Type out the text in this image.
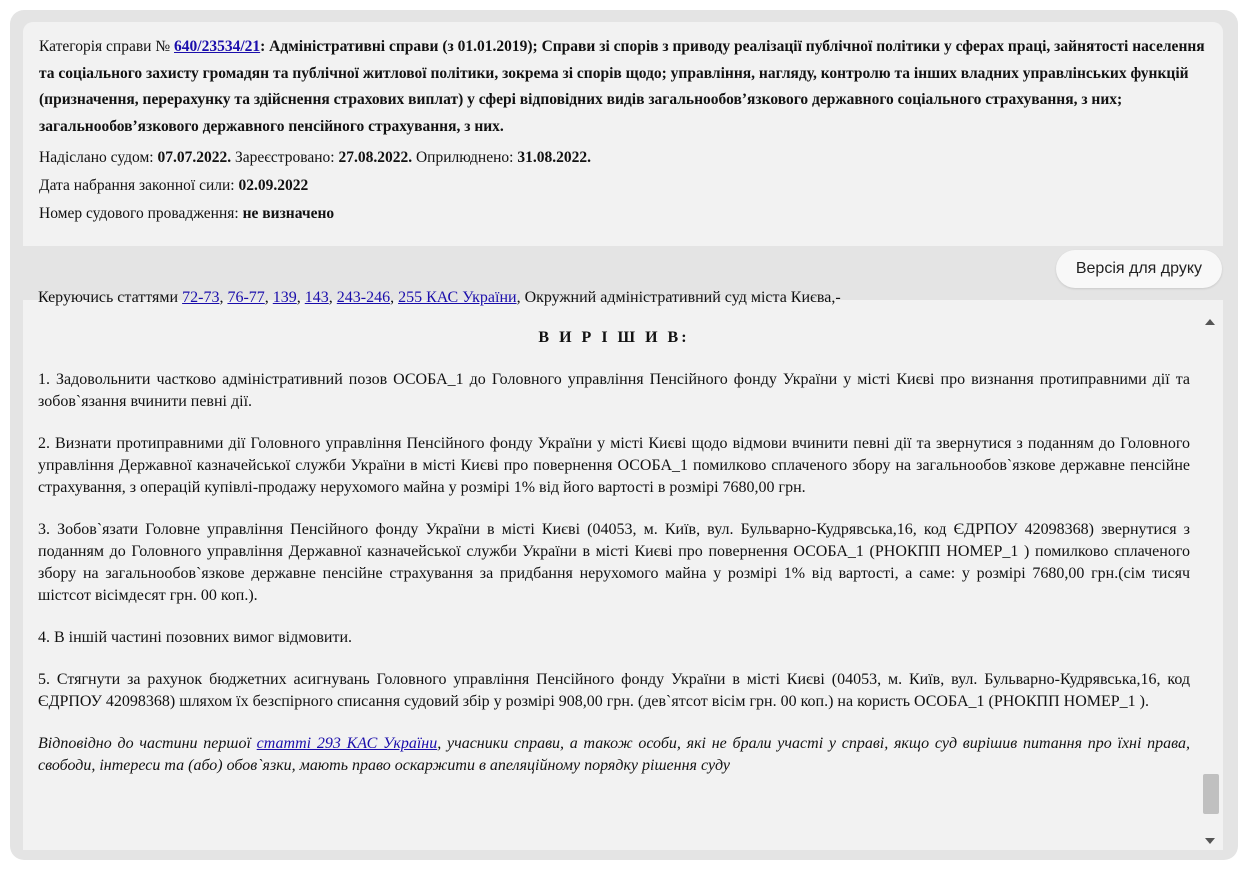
Категорія справи № 640/23534/21: Адміністративні справи (з 01.01.2019); Справи зі спорів з приводу реалізації публічної політики у сферах праці, зайнятості населення та соціального захисту громадян та публічної житлової політики, зокрема зі спорів щодо; управління, нагляду, контролю та інших владних управлінських функцій (призначення, перерахунку та здійснення страхових виплат) у сфері відповідних видів загальнообов’язкового державного соціального страхування, з них; загальнообов’язкового державного пенсійного страхування, з них.

Надіслано судом: 07.07.2022. Зареєстровано: 27.08.2022. Оприлюднено: 31.08.2022.

Дата набрання законної сили: 02.09.2022

Номер судового провадження: не визначено

Версія для друку

Керуючись статтями 72-73, 76-77, 139, 143, 243-246, 255 КАС України, Окружний адміністративний суд міста Києва,-

В И Р І Ш И В:

1. Задовольнити частково адміністративний позов ОСОБА_1 до Головного управління Пенсійного фонду України у місті Києві про визнання протиправними дії та зобов`язання вчинити певні дії.

2. Визнати протиправними дії Головного управління Пенсійного фонду України у місті Києві щодо відмови вчинити певні дії та звернутися з поданням до Головного управління Державної казначейської служби України в місті Києві про повернення ОСОБА_1 помилково сплаченого збору на загальнообов`язкове державне пенсійне страхування, з операцій купівлі-продажу нерухомого майна у розмірі 1% від його вартості в розмірі 7680,00 грн.

3. Зобов`язати Головне управління Пенсійного фонду України в місті Києві (04053, м. Київ, вул. Бульварно-Кудрявська,16, код ЄДРПОУ 42098368) звернутися з поданням до Головного управління Державної казначейської служби України в місті Києві про повернення ОСОБА_1 (РНОКПП НОМЕР_1 ) помилково сплаченого збору на загальнообов`язкове державне пенсійне страхування за придбання нерухомого майна у розмірі 1% від вартості, а саме: у розмірі 7680,00 грн.(сім тисяч шістсот вісімдесят грн. 00 коп.).

4. В іншій частині позовних вимог відмовити.

5. Стягнути за рахунок бюджетних асигнувань Головного управління Пенсійного фонду України в місті Києві (04053, м. Київ, вул. Бульварно-Кудрявська,16, код ЄДРПОУ 42098368) шляхом їх безспірного списання судовий збір у розмірі 908,00 грн. (дев`ятсот вісім грн. 00 коп.) на користь ОСОБА_1 (РНОКПП НОМЕР_1 ).

Відповідно до частини першої статті 293 КАС України, учасники справи, а також особи, які не брали участі у справі, якщо суд вирішив питання про їхні права, свободи, інтереси та (або) обов`язки, мають право оскаржити в апеляційному порядку рішення суду
